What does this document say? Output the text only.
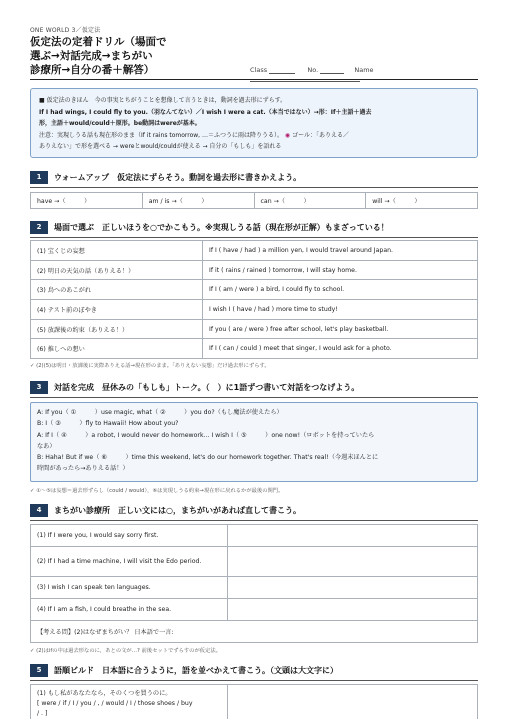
ONE WORLD 3／仮定法
仮定法の定着ドリル（場面で
選ぶ→対話完成→まちがい
診療所→自分の番＋解答）	Class	No.	Name
■ 仮定法のきほん　今の事実とちがうことを想像して言うときは，動詞を過去形にずらす。
If I had wings, I could fly to you.（羽なんてない）／I wish I were a cat.（本当ではない）→形：If＋主語＋過去
形，主語＋would/could＋原形。be動詞はwereが基本。
注意：実現しうる話も現在形のまま（If it rains tomorrow, …＝ふつうに雨は降りうる）。 ◉ ゴール：「ありえる／
ありえない」で形を選べる → wereとwould/couldが使える → 自分の「もしも」を語れる
1 ウォームアップ　仮定法にずらそう。動詞を過去形に書きかえよう。
have →（　　　）	am / is →（　　　）	can →（　　　）	will →（　　　）
2 場面で選ぶ　正しいほうを○でかこもう。※実現しうる話（現在形が正解）もまざっている！
(1) 宝くじの妄想	If I ( have / had ) a million yen, I would travel around Japan.
(2) 明日の天気の話（ありえる！）	If it ( rains / rained ) tomorrow, I will stay home.
(3) 鳥へのあこがれ	If I ( am / were ) a bird, I could fly to school.
(4) テスト前のぼやき	I wish I ( have / had ) more time to study!
(5) 放課後の約束（ありえる！）	If you ( are / were ) free after school, let's play basketball.
(6) 推しへの想い	If I ( can / could ) meet that singer, I would ask for a photo.
✓ (2)(5)は明日・放課後に実際ありえる話→現在形のまま。「ありえない妄想」だけ過去形にずらす。
3 対話を完成　昼休みの「もしも」トーク。（　）に1語ずつ書いて対話をつなげよう。
A: If you（ ①　　　）use magic, what（ ②　　　）you do?（もし魔法が使えたら）
B: I（ ③　　　）fly to Hawaii! How about you?
A: If I（ ④　　　）a robot, I would never do homework... I wish I（ ⑤　　　）one now!（ロボットを持っていたら
なあ）
B: Haha! But if we（ ⑥　　　）time this weekend, let's do our homework together. That's real!（今週末ほんとに
時間があったら→ありえる話！）
✓ ①〜⑤は妄想＝過去形ずらし（could / would），⑥は実現しうる約束→現在形に戻れるかが最後の関門。
4 まちがい診療所　正しい文には○，まちがいがあれば直して書こう。
(1) If I were you, I would say sorry first.	
(2) If I had a time machine, I will visit the Edo period.	
(3) I wish I can speak ten languages.	
(4) If I am a fish, I could breathe in the sea.	
【考える問】(2)はなぜまちがい？ 日本語で一言:	
✓ (2)はifの中は過去形なのに，あとの文が…? 前後セットでずらすのが仮定法。
5 語順ビルド　日本語に合うように，語を並べかえて書こう。（文頭は大文字に）
(1) もし私があなたなら，そのくつを買うのに。
[ were / if / I / you / , / would / I / those shoes / buy
/ . ]
